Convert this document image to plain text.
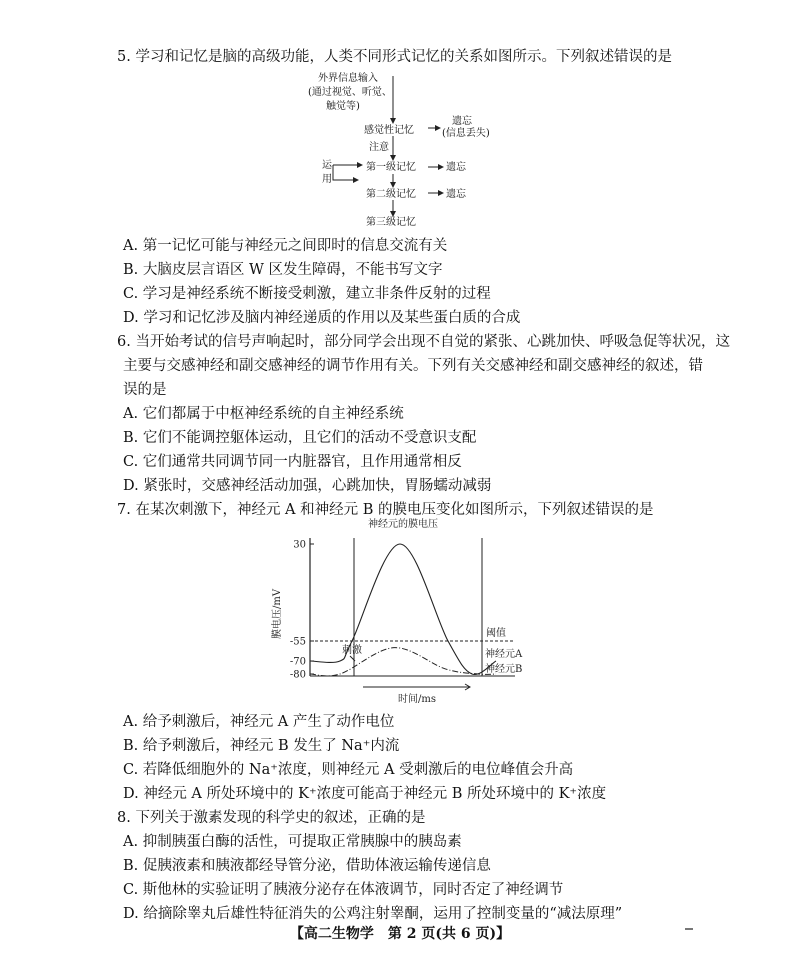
5. 学习和记忆是脑的高级功能，人类不同形式记忆的关系如图所示。下列叙述错误的是
外界信息输入
(通过视觉、听觉、
触觉等)
感觉性记忆
遗忘
(信息丢失)
注意
第一级记忆	遗忘
运
用
第二级记忆	遗忘
第三级记忆
A. 第一记忆可能与神经元之间即时的信息交流有关
B. 大脑皮层言语区 W 区发生障碍，不能书写文字
C. 学习是神经系统不断接受刺激，建立非条件反射的过程
D. 学习和记忆涉及脑内神经递质的作用以及某些蛋白质的合成
6. 当开始考试的信号声响起时，部分同学会出现不自觉的紧张、心跳加快、呼吸急促等状况，这
主要与交感神经和副交感神经的调节作用有关。下列有关交感神经和副交感神经的叙述，错
误的是
A. 它们都属于中枢神经系统的自主神经系统
B. 它们不能调控躯体运动，且它们的活动不受意识支配
C. 它们通常共同调节同一内脏器官，且作用通常相反
D. 紧张时，交感神经活动加强，心跳加快，胃肠蠕动减弱
7. 在某次刺激下，神经元 A 和神经元 B 的膜电压变化如图所示，下列叙述错误的是
神经元的膜电压
膜电压/mV
30
-55
-70
-80
阈值
神经元A
神经元B
刺激
时间/ms
A. 给予刺激后，神经元 A 产生了动作电位
B. 给予刺激后，神经元 B 发生了 Na⁺内流
C. 若降低细胞外的 Na⁺浓度，则神经元 A 受刺激后的电位峰值会升高
D. 神经元 A 所处环境中的 K⁺浓度可能高于神经元 B 所处环境中的 K⁺浓度
8. 下列关于激素发现的科学史的叙述，正确的是
A. 抑制胰蛋白酶的活性，可提取正常胰腺中的胰岛素
B. 促胰液素和胰液都经导管分泌，借助体液运输传递信息
C. 斯他林的实验证明了胰液分泌存在体液调节，同时否定了神经调节
D. 给摘除睾丸后雄性特征消失的公鸡注射睾酮，运用了控制变量的“减法原理”
【高二生物学　第 2 页(共 6 页)】
